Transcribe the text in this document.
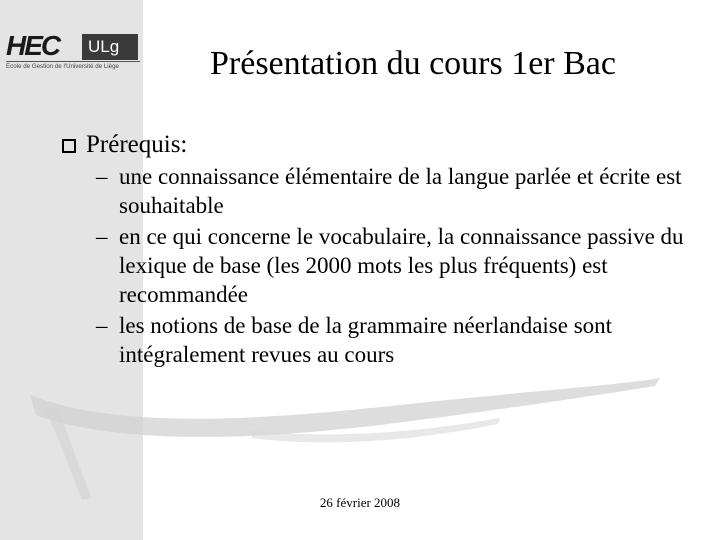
HEC	ULg
École de Gestion de l'Université de Liège	Présentation du cours 1er Bac
Prérequis:
– une connaissance élémentaire de la langue parlée et écrite est souhaitable
– en ce qui concerne le vocabulaire, la connaissance passive du lexique de base (les 2000 mots les plus fréquents) est recommandée
– les notions de base de la grammaire néerlandaise sont intégralement revues au cours
26 février 2008
